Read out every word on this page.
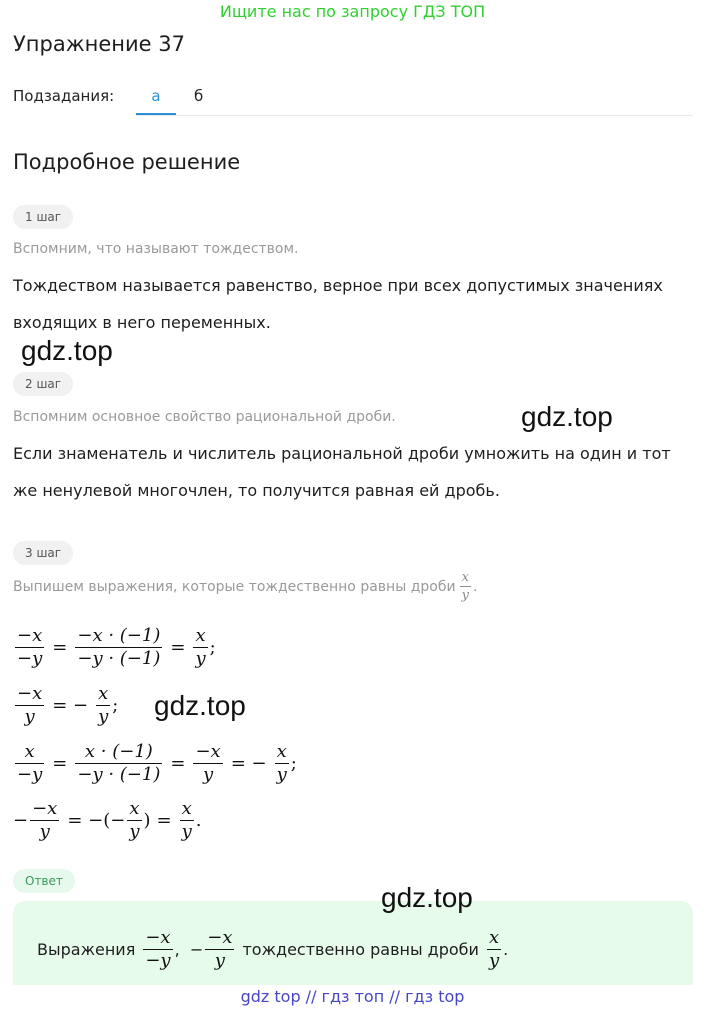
Ищите нас по запросу ГДЗ ТОП
Упражнение 37
Подзадания:	а	б
Подробное решение
1 шаг
Вспомним, что называют тождеством.
Тождеством называется равенство, верное при всех допустимых значениях
входящих в него переменных.
2 шаг
Вспомним основное свойство рациональной дроби.
Если знаменатель и числитель рациональной дроби умножить на один и тот
же ненулевой многочлен, то получится равная ей дробь.
3 шаг
Выпишем выражения, которые тождественно равны дроби $\frac{x}{y}$ .
$\frac{-x}{-y} = \frac{-x \cdot (-1)}{-y \cdot (-1)} = \frac{x}{y}$ ;
$\frac{-x}{y}$ = − $\frac{x}{y}$ ;
$\frac{x}{-y} = \frac{x \cdot (-1)}{-y \cdot (-1)} = \frac{-x}{y}$ = − $\frac{x}{y}$ ;
− $\frac{-x}{y}$ = −(− $\frac{x}{y}$ ) = $\frac{x}{y}$ .
Ответ
Выражения $\frac{-x}{-y}$ ,  − $\frac{-x}{y}$ тождественно равны дроби $\frac{x}{y}$ .
gdz.top
gdz.top
gdz.top
gdz.top
gdz top // гдз топ // гдз top
